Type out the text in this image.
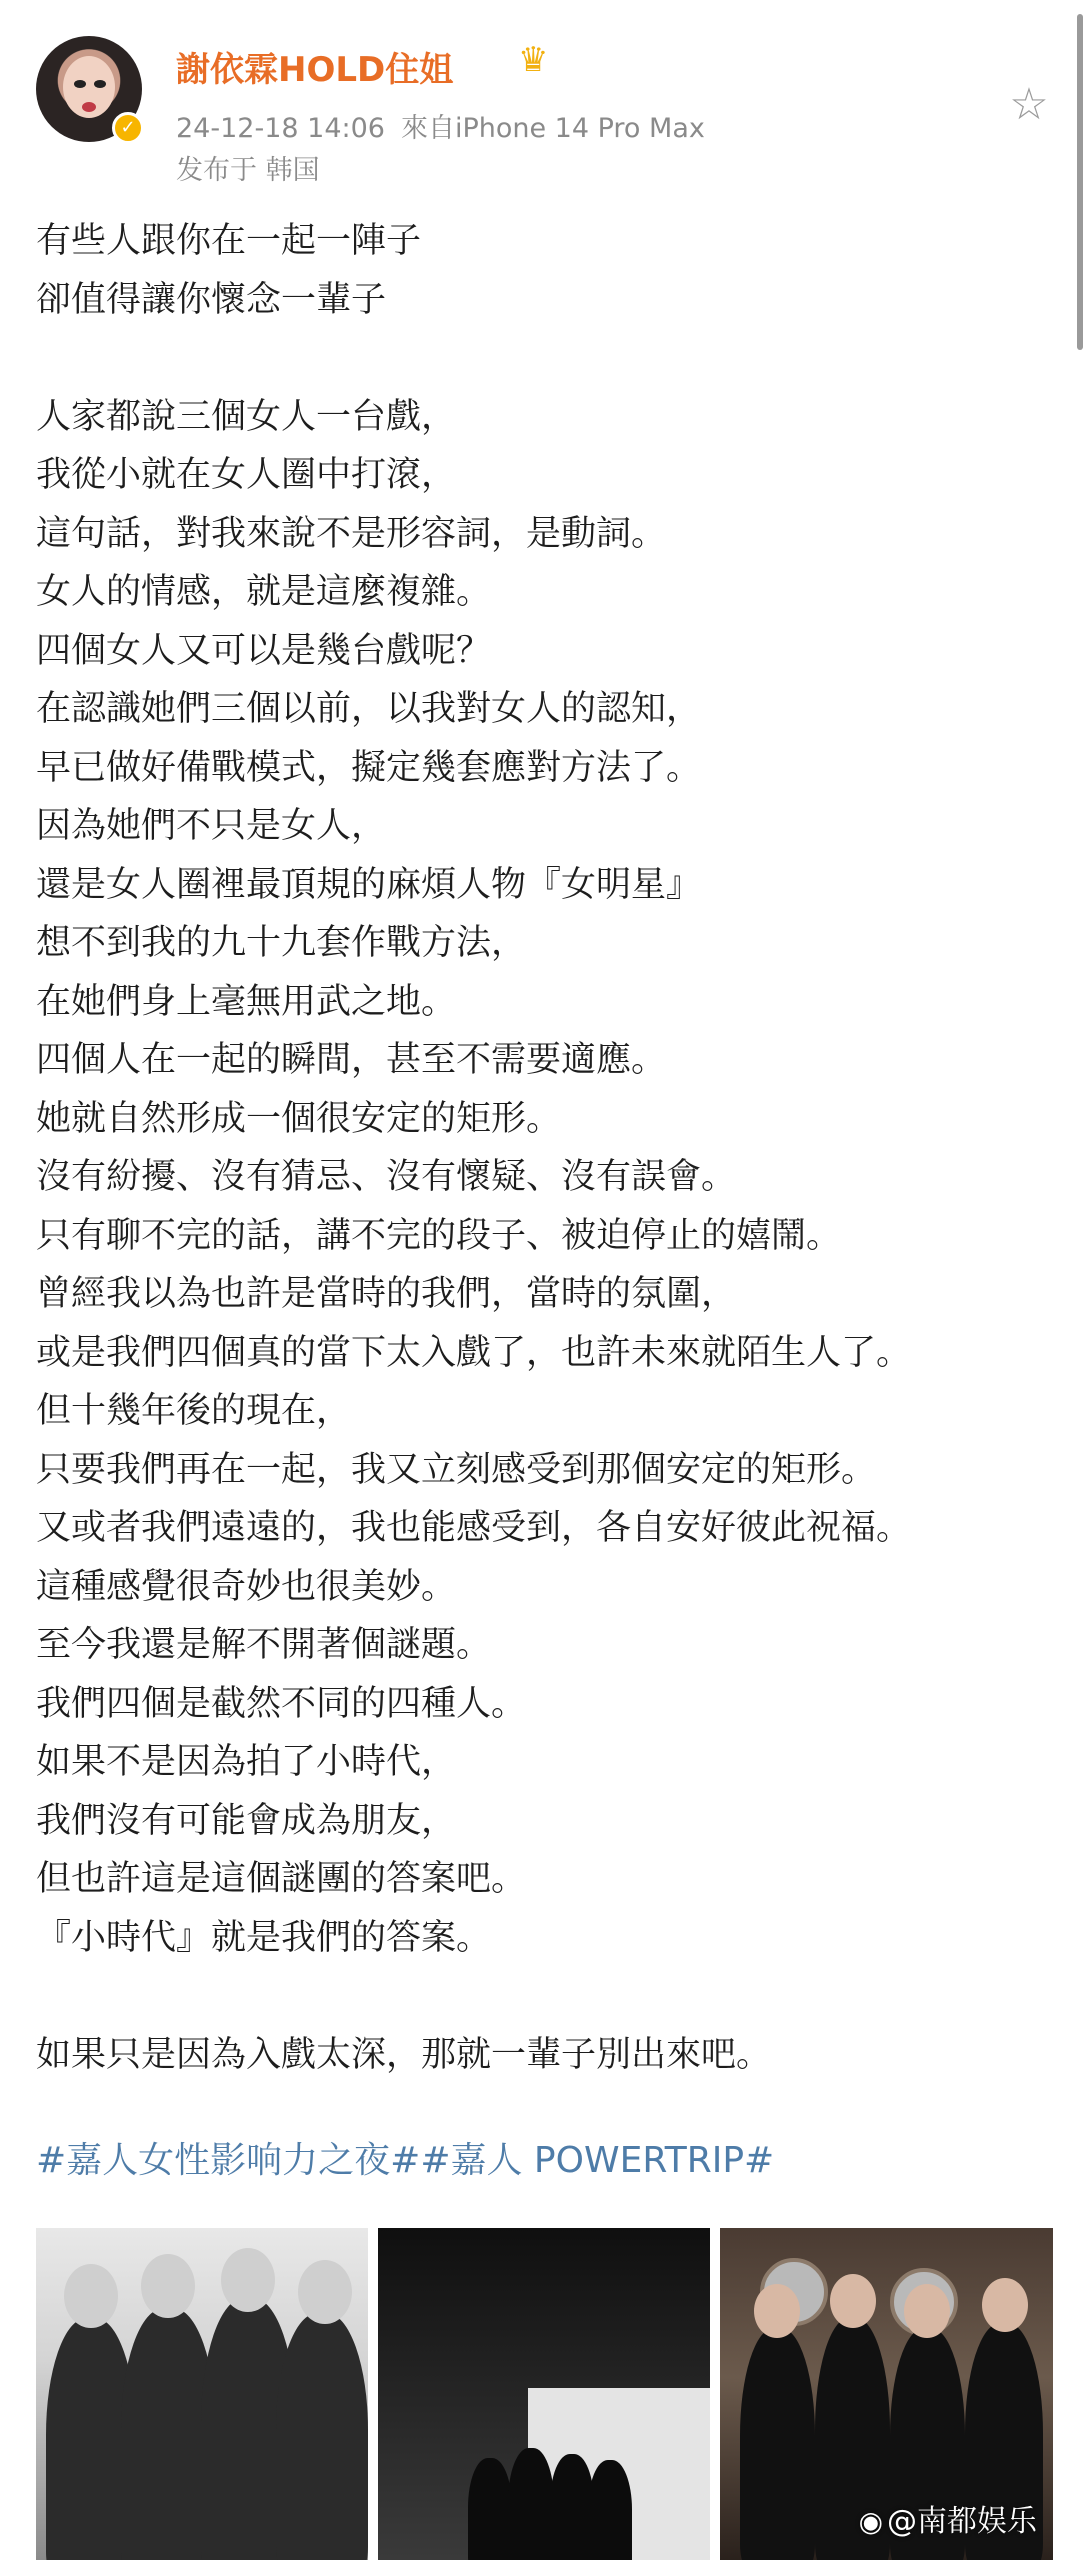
✓
謝依霖HOLD住姐 ♛
24-12-18 14:06 來自iPhone 14 Pro Max
发布于 韩国
☆
有些人跟你在一起一陣子
卻值得讓你懷念一輩子
人家都說三個女人一台戲，
我從小就在女人圈中打滾，
這句話，對我來說不是形容詞，是動詞。
女人的情感，就是這麼複雜。
四個女人又可以是幾台戲呢？
在認識她們三個以前，以我對女人的認知，
早已做好備戰模式，擬定幾套應對方法了。
因為她們不只是女人，
還是女人圈裡最頂規的麻煩人物『女明星』
想不到我的九十九套作戰方法，
在她們身上毫無用武之地。
四個人在一起的瞬間，甚至不需要適應。
她就自然形成一個很安定的矩形。
沒有紛擾、沒有猜忌、沒有懷疑、沒有誤會。
只有聊不完的話，講不完的段子、被迫停止的嬉鬧。
曾經我以為也許是當時的我們，當時的氛圍，
或是我們四個真的當下太入戲了，也許未來就陌生人了。
但十幾年後的現在，
只要我們再在一起，我又立刻感受到那個安定的矩形。
又或者我們遠遠的，我也能感受到，各自安好彼此祝福。
這種感覺很奇妙也很美妙。
至今我還是解不開著個謎題。
我們四個是截然不同的四種人。
如果不是因為拍了小時代，
我們沒有可能會成為朋友，
但也許這是這個謎團的答案吧。
『小時代』就是我們的答案。
如果只是因為入戲太深，那就一輩子別出來吧。
#嘉人女性影响力之夜##嘉人 POWERTRIP#
◉ @南都娱乐
